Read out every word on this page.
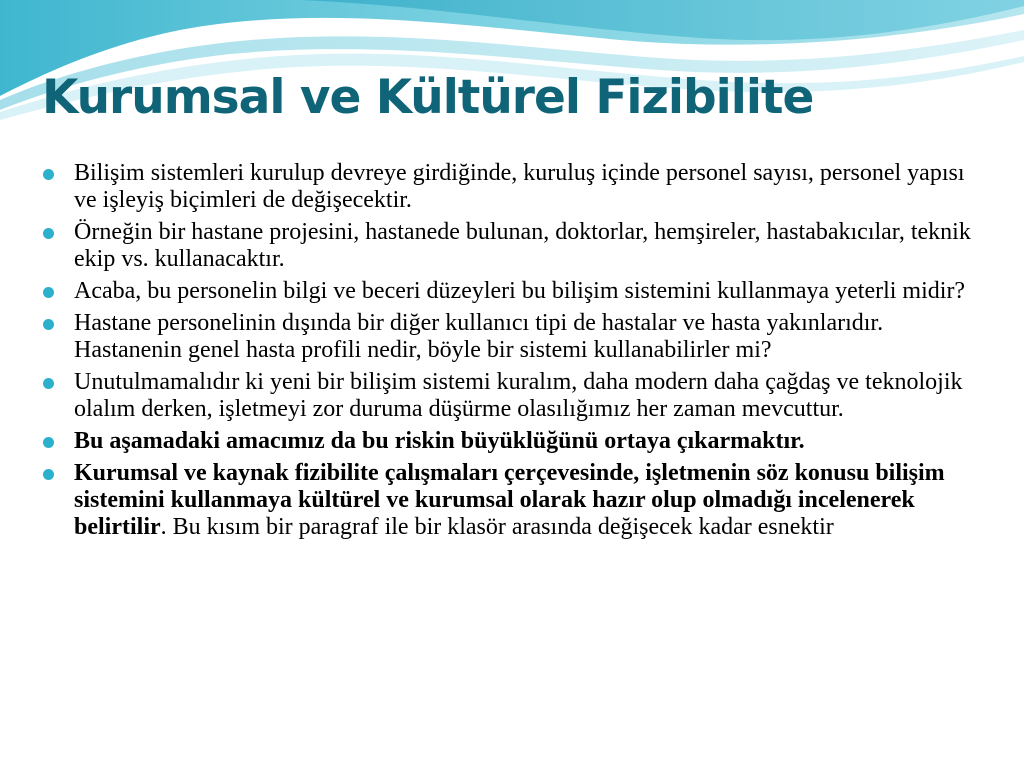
Kurumsal ve Kültürel Fizibilite
Bilişim sistemleri kurulup devreye girdiğinde, kuruluş içinde personel sayısı, personel yapısı ve işleyiş biçimleri de değişecektir.
Örneğin bir hastane projesini, hastanede bulunan, doktorlar, hemşireler, hastabakıcılar, teknik ekip vs. kullanacaktır.
Acaba, bu personelin bilgi ve beceri düzeyleri bu bilişim sistemini kullanmaya yeterli midir?
Hastane personelinin dışında bir diğer kullanıcı tipi de hastalar ve hasta yakınlarıdır. Hastanenin genel hasta profili nedir, böyle bir sistemi kullanabilirler mi?
Unutulmamalıdır ki yeni bir bilişim sistemi kuralım, daha modern daha çağdaş ve teknolojik olalım derken, işletmeyi zor duruma düşürme olasılığımız her zaman mevcuttur.
Bu aşamadaki amacımız da bu riskin büyüklüğünü ortaya çıkarmaktır.
Kurumsal ve kaynak fizibilite çalışmaları çerçevesinde, işletmenin söz konusu bilişim sistemini kullanmaya kültürel ve kurumsal olarak hazır olup olmadığı incelenerek belirtilir. Bu kısım bir paragraf ile bir klasör arasında değişecek kadar esnektir
